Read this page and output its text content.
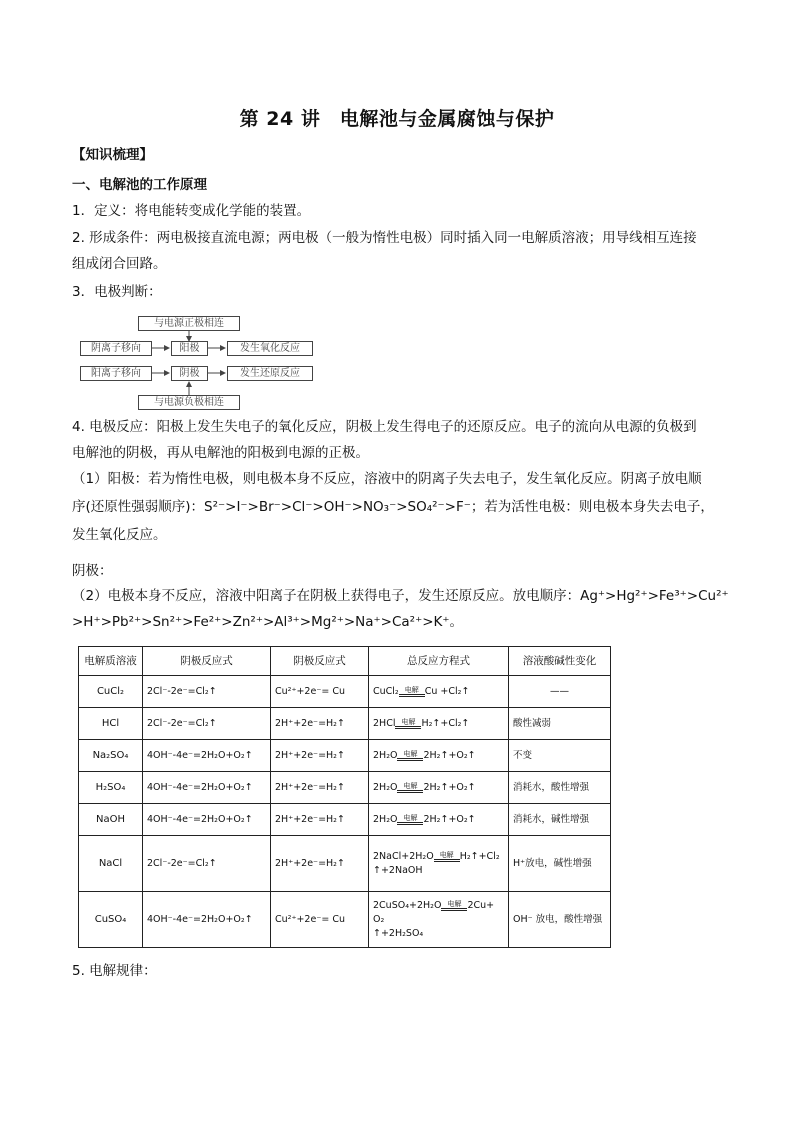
第 24 讲　电解池与金属腐蚀与保护
【知识梳理】
一、电解池的工作原理
1．定义：将电能转变成化学能的装置。
2. 形成条件：两电极接直流电源；两电极（一般为惰性电极）同时插入同一电解质溶液；用导线相互连接
组成闭合回路。
3．电极判断：
与电源正极相连
阴离子移向	阳极	发生氧化反应
阳离子移向	阴极	发生还原反应
与电源负极相连
4. 电极反应：阳极上发生失电子的氧化反应，阴极上发生得电子的还原反应。电子的流向从电源的负极到
电解池的阴极，再从电解池的阳极到电源的正极。
（1）阳极：若为惰性电极，则电极本身不反应，溶液中的阴离子失去电子，发生氧化反应。阴离子放电顺
序(还原性强弱顺序)：S²⁻>I⁻>Br⁻>Cl⁻>OH⁻>NO₃⁻>SO₄²⁻>F⁻；若为活性电极：则电极本身失去电子，
发生氧化反应。
阴极：
（2）电极本身不反应，溶液中阳离子在阴极上获得电子，发生还原反应。放电顺序：Ag⁺>Hg²⁺>Fe³⁺>Cu²⁺
>H⁺>Pb²⁺>Sn²⁺>Fe²⁺>Zn²⁺>Al³⁺>Mg²⁺>Na⁺>Ca²⁺>K⁺。
电解质溶液	阴极反应式	阴极反应式	总反应方程式	溶液酸碱性变化
CuCl₂	2Cl⁻-2e⁻=Cl₂↑	Cu²⁺+2e⁻= Cu	CuCl₂ 电解 Cu +Cl₂↑	——
HCl	2Cl⁻-2e⁻=Cl₂↑	2H⁺+2e⁻=H₂↑	2HCl 电解 H₂↑+Cl₂↑	酸性减弱
Na₂SO₄	4OH⁻-4e⁻=2H₂O+O₂↑	2H⁺+2e⁻=H₂↑	2H₂O 电解 2H₂↑+O₂↑	不变
H₂SO₄	4OH⁻-4e⁻=2H₂O+O₂↑	2H⁺+2e⁻=H₂↑	2H₂O 电解 2H₂↑+O₂↑	消耗水，酸性增强
NaOH	4OH⁻-4e⁻=2H₂O+O₂↑	2H⁺+2e⁻=H₂↑	2H₂O 电解 2H₂↑+O₂↑	消耗水，碱性增强
NaCl	2Cl⁻-2e⁻=Cl₂↑	2H⁺+2e⁻=H₂↑	2NaCl+2H₂O 电解 H₂↑+Cl₂
↑+2NaOH	H⁺放电，碱性增强
CuSO₄	4OH⁻-4e⁻=2H₂O+O₂↑	Cu²⁺+2e⁻= Cu	2CuSO₄+2H₂O 电解 2Cu+ O₂
↑+2H₂SO₄	OH⁻ 放电，酸性增强
5. 电解规律：
